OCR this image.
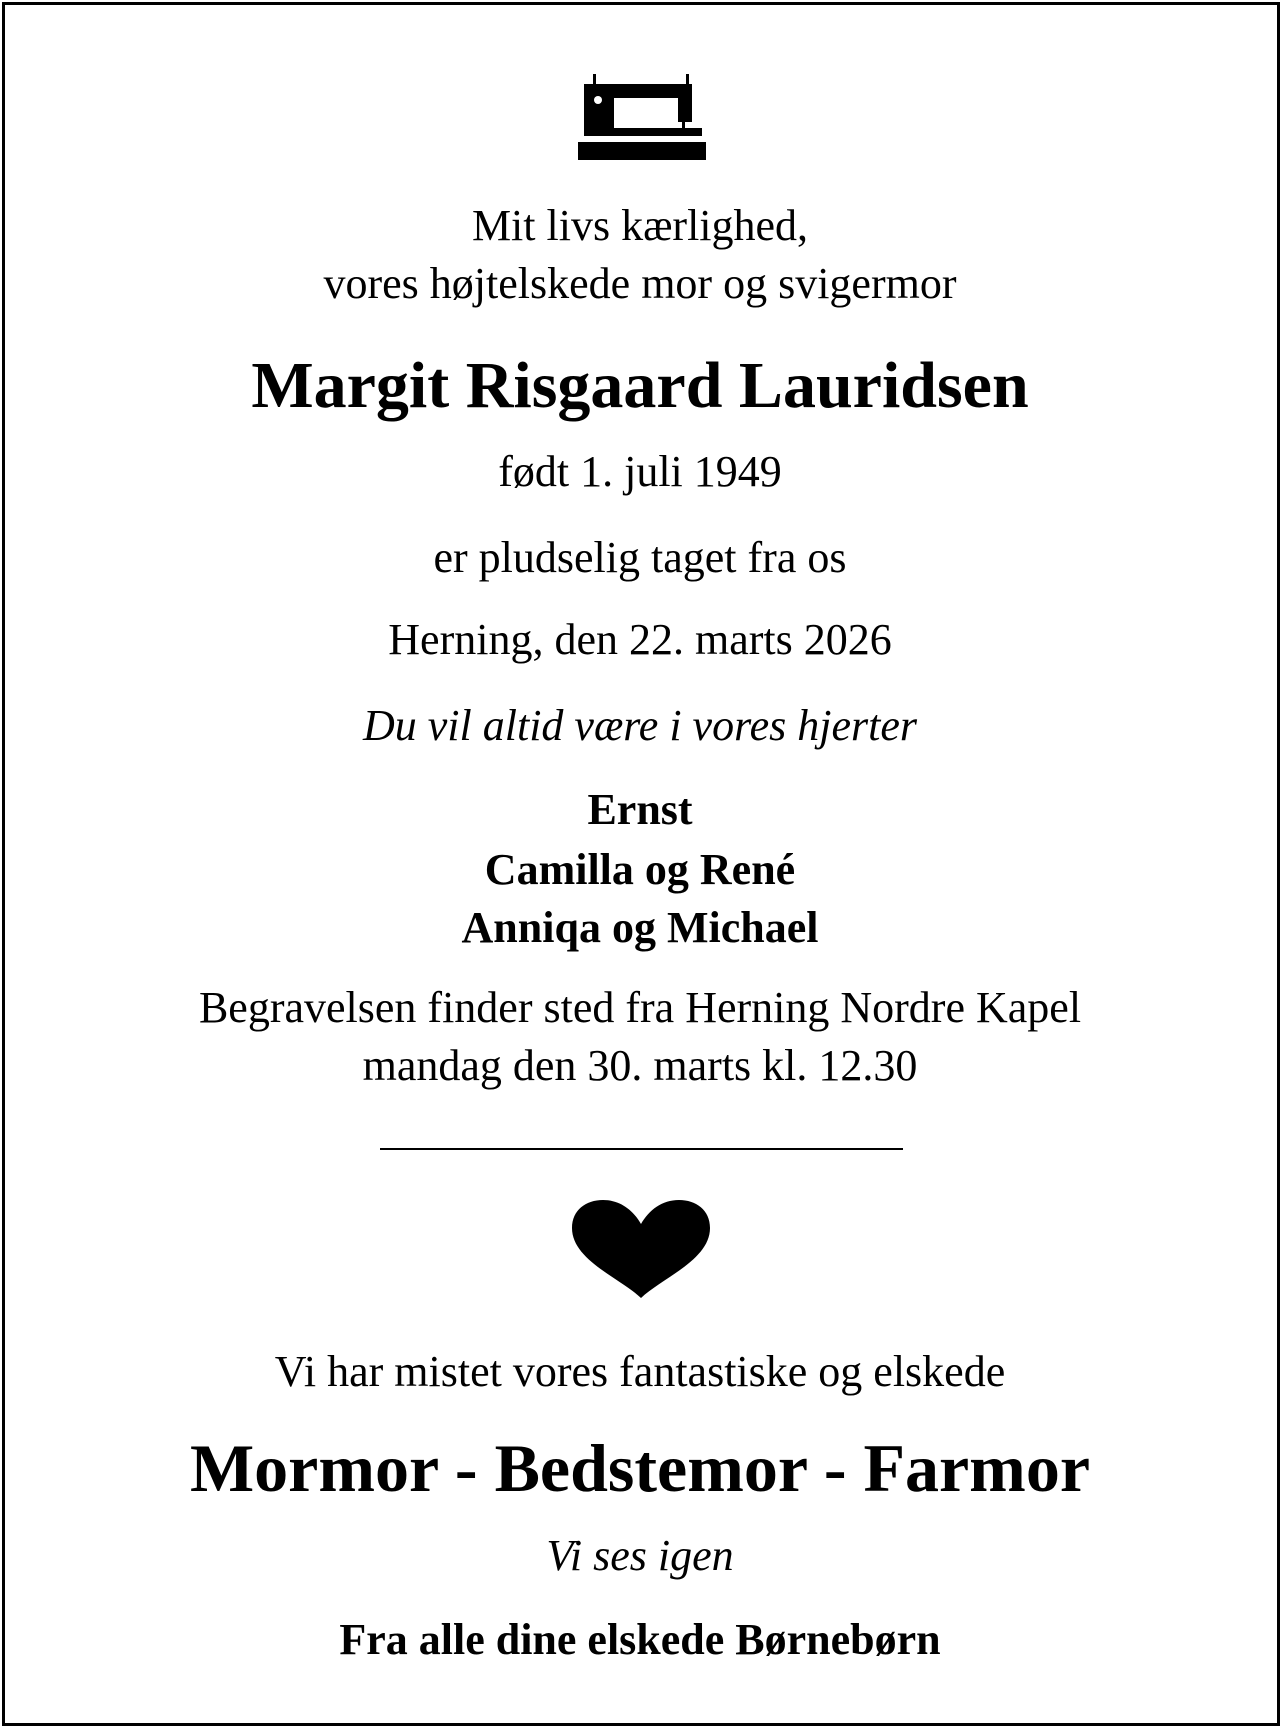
Mit livs kærlighed,
vores højtelskede mor og svigermor
Margit Risgaard Lauridsen
født 1. juli 1949
er pludselig taget fra os
Herning, den 22. marts 2026
Du vil altid være i vores hjerter
Ernst
Camilla og René
Anniqa og Michael
Begravelsen finder sted fra Herning Nordre Kapel
mandag den 30. marts kl. 12.30
Vi har mistet vores fantastiske og elskede
Mormor - Bedstemor - Farmor
Vi ses igen
Fra alle dine elskede Børnebørn
